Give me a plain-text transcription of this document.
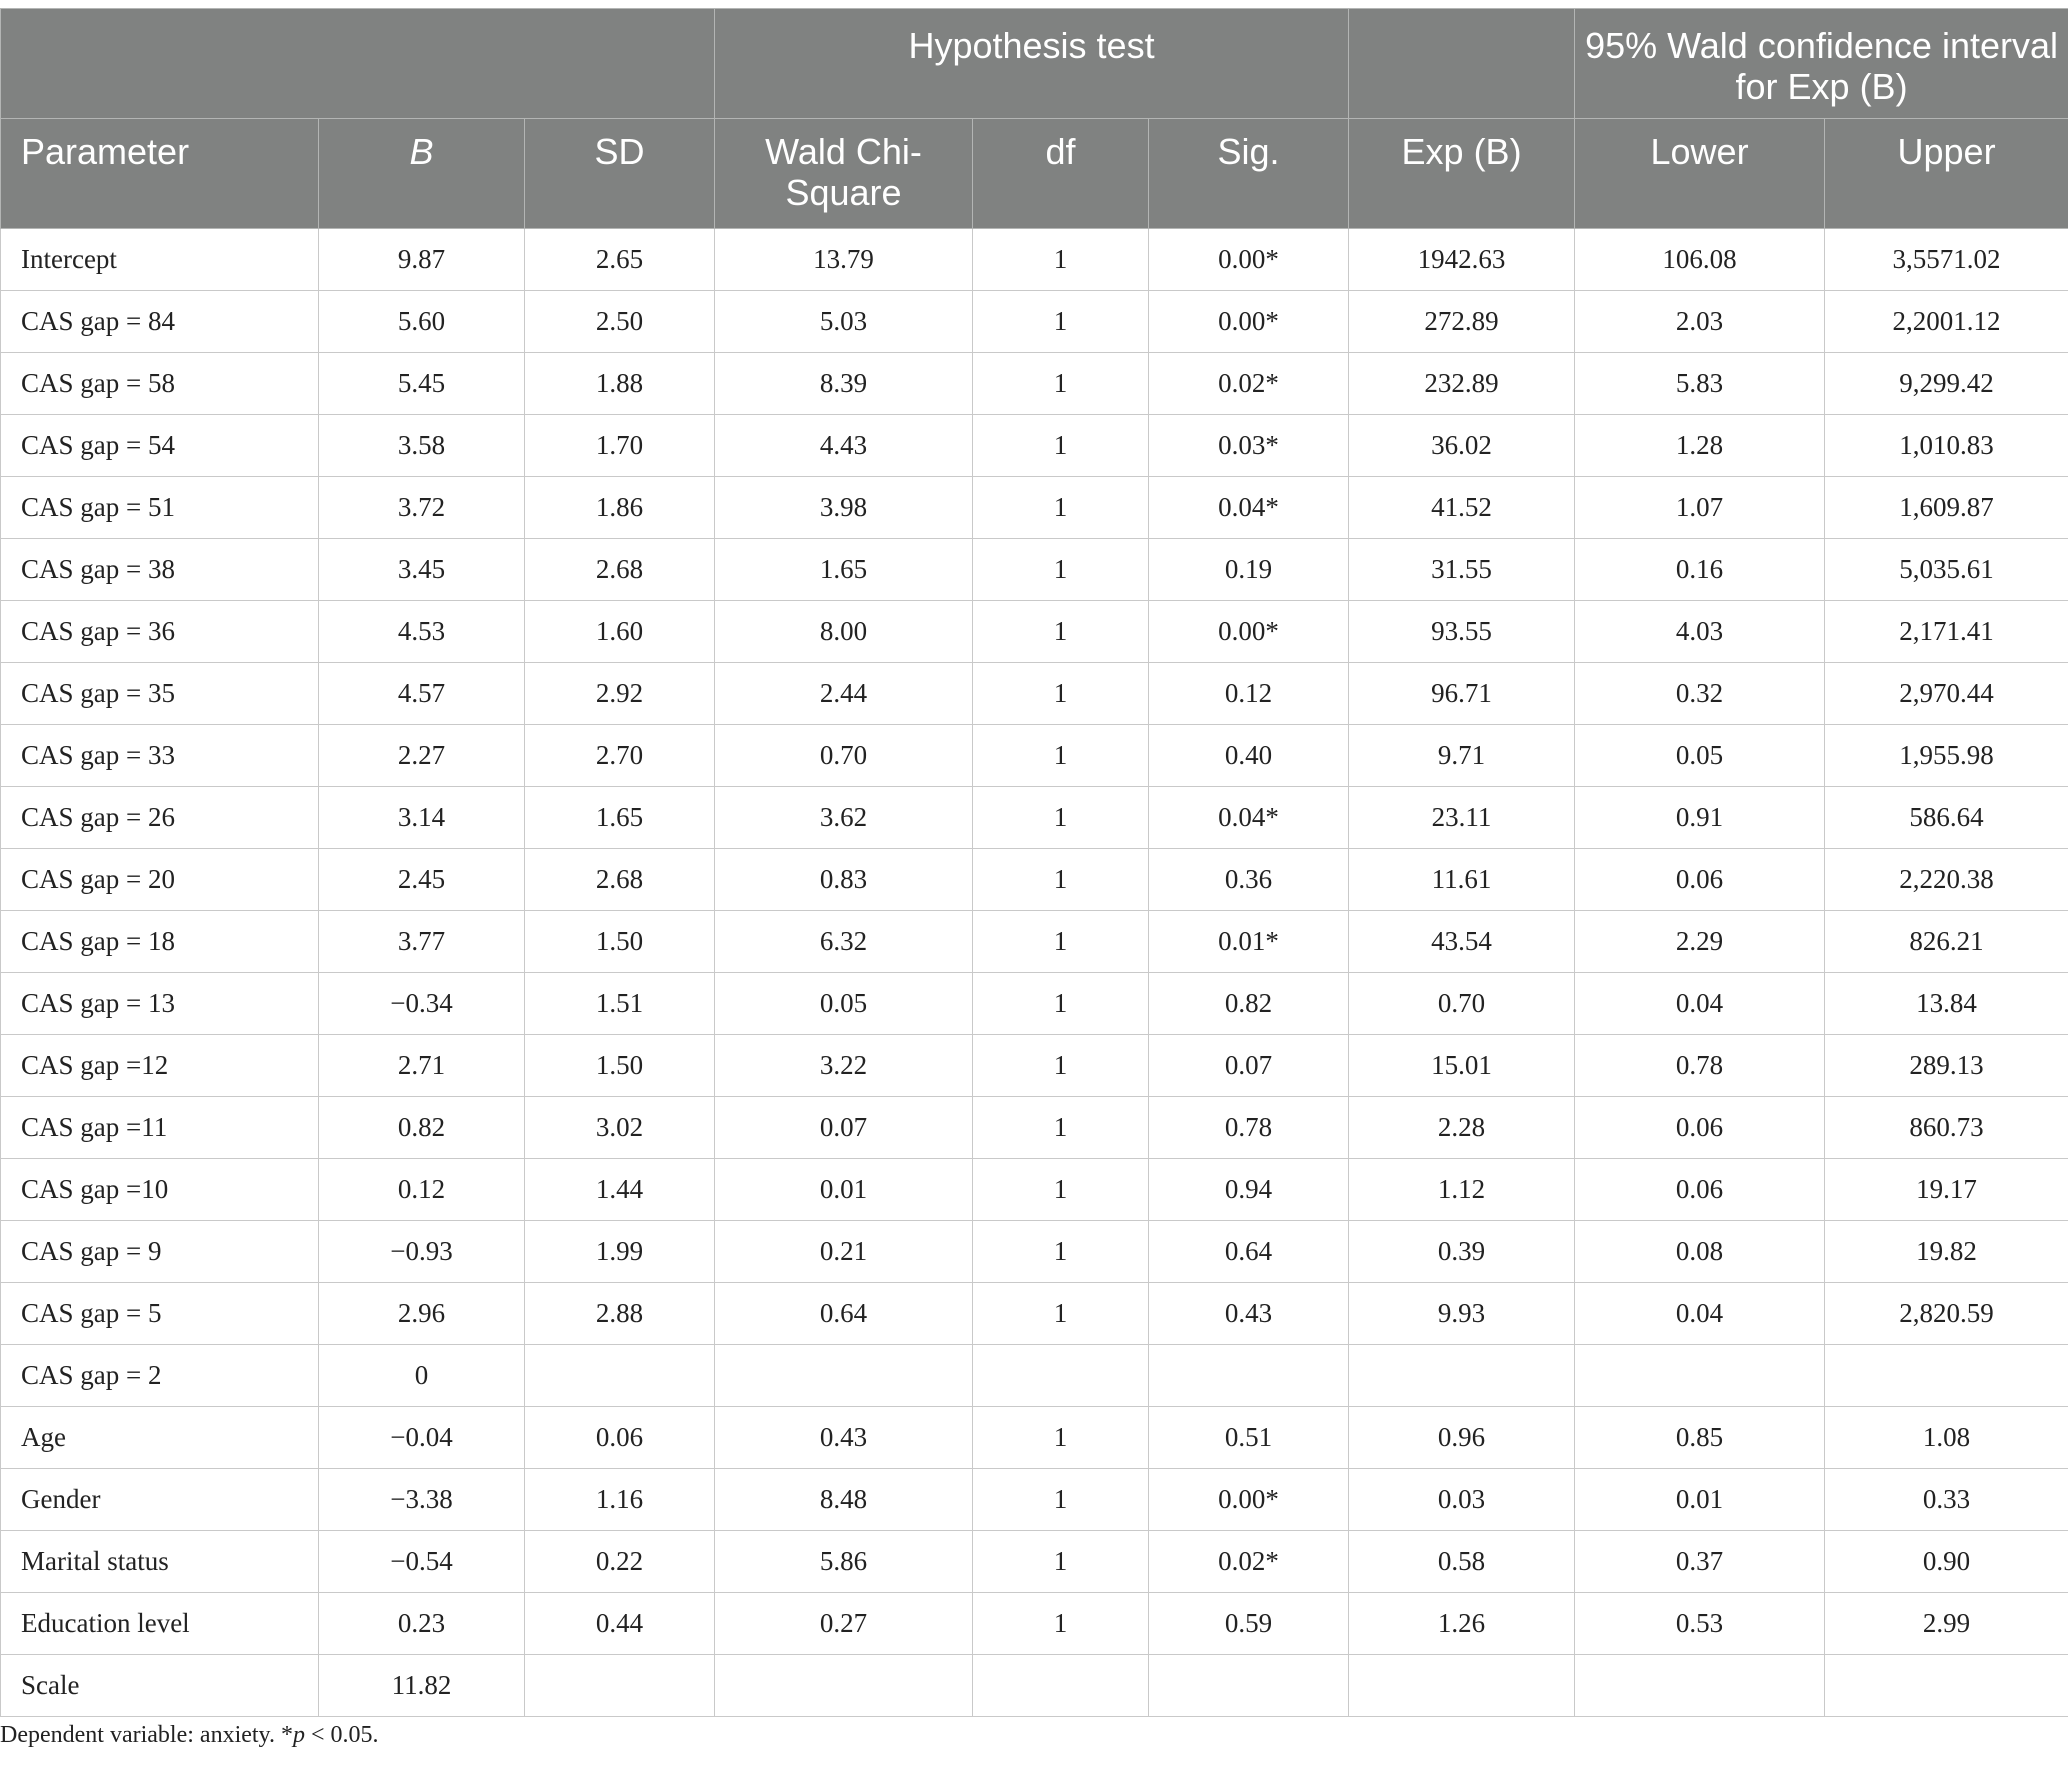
			Hypothesis test				95% Wald confidence interval for Exp (B)	
Parameter	B	SD	Wald Chi-Square	df	Sig.	Exp (B)	Lower	Upper
Intercept	9.87	2.65	13.79	1	0.00*	1942.63	106.08	3,5571.02
CAS gap = 84	5.60	2.50	5.03	1	0.00*	272.89	2.03	2,2001.12
CAS gap = 58	5.45	1.88	8.39	1	0.02*	232.89	5.83	9,299.42
CAS gap = 54	3.58	1.70	4.43	1	0.03*	36.02	1.28	1,010.83
CAS gap = 51	3.72	1.86	3.98	1	0.04*	41.52	1.07	1,609.87
CAS gap = 38	3.45	2.68	1.65	1	0.19	31.55	0.16	5,035.61
CAS gap = 36	4.53	1.60	8.00	1	0.00*	93.55	4.03	2,171.41
CAS gap = 35	4.57	2.92	2.44	1	0.12	96.71	0.32	2,970.44
CAS gap = 33	2.27	2.70	0.70	1	0.40	9.71	0.05	1,955.98
CAS gap = 26	3.14	1.65	3.62	1	0.04*	23.11	0.91	586.64
CAS gap = 20	2.45	2.68	0.83	1	0.36	11.61	0.06	2,220.38
CAS gap = 18	3.77	1.50	6.32	1	0.01*	43.54	2.29	826.21
CAS gap = 13	−0.34	1.51	0.05	1	0.82	0.70	0.04	13.84
CAS gap =12	2.71	1.50	3.22	1	0.07	15.01	0.78	289.13
CAS gap =11	0.82	3.02	0.07	1	0.78	2.28	0.06	860.73
CAS gap =10	0.12	1.44	0.01	1	0.94	1.12	0.06	19.17
CAS gap = 9	−0.93	1.99	0.21	1	0.64	0.39	0.08	19.82
CAS gap = 5	2.96	2.88	0.64	1	0.43	9.93	0.04	2,820.59
CAS gap = 2	0							
Age	−0.04	0.06	0.43	1	0.51	0.96	0.85	1.08
Gender	−3.38	1.16	8.48	1	0.00*	0.03	0.01	0.33
Marital status	−0.54	0.22	5.86	1	0.02*	0.58	0.37	0.90
Education level	0.23	0.44	0.27	1	0.59	1.26	0.53	2.99
Scale	11.82							
Dependent variable: anxiety. *p < 0.05.
